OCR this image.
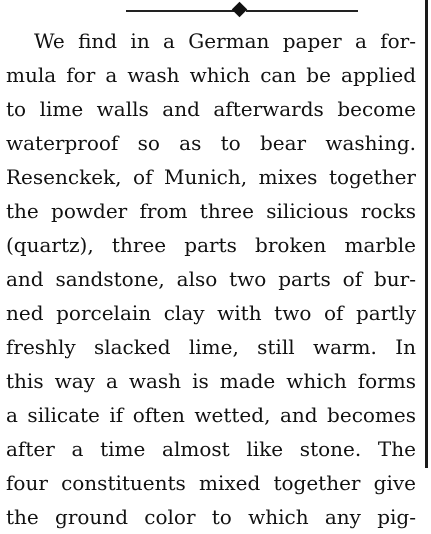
We find in a German paper a for-
mula for a wash which can be applied
to lime walls and afterwards become
waterproof so as to bear washing.
Resenckek, of Munich, mixes together
the powder from three silicious rocks
(quartz), three parts broken marble
and sandstone, also two parts of bur-
ned porcelain clay with two of partly
freshly slacked lime, still warm. In
this way a wash is made which forms
a silicate if often wetted, and becomes
after a time almost like stone. The
four constituents mixed together give
the ground color to which any pig-
